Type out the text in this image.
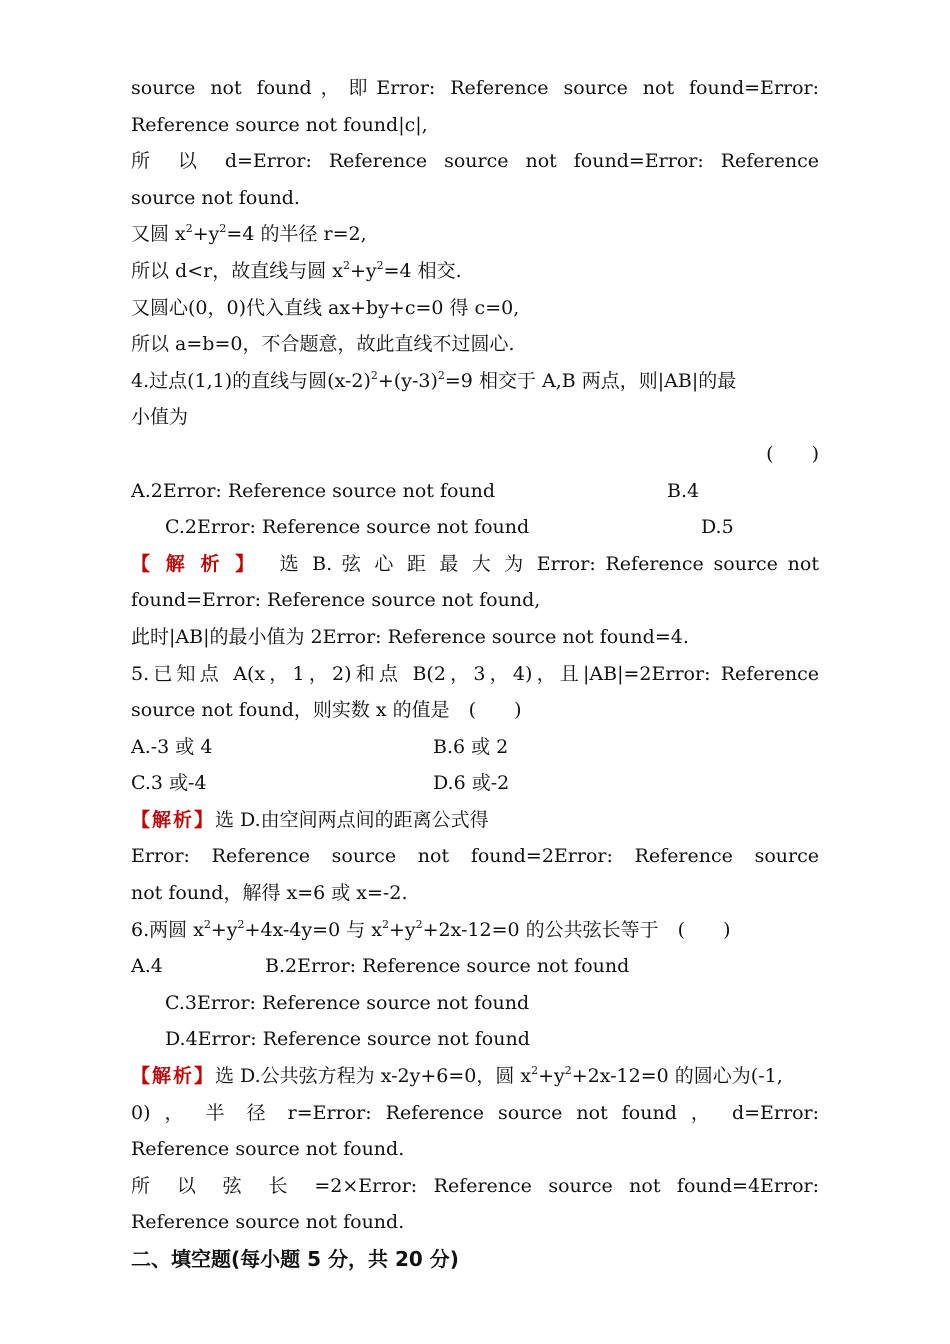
source not found，即Error: Reference source not found=Error:
Reference source not found|c|,
所 以 d=Error: Reference source not found=Error: Reference
source not found.
又圆 $x^2+y^2=4$ 的半径 r=2,
所以 d<r，故直线与圆 $x^2+y^2=4$ 相交.
又圆心(0，0)代入直线 ax+by+c=0 得 c=0,
所以 a=b=0，不合题意，故此直线不过圆心.
4.过点(1,1)的直线与圆$(x-2)^2+(y-3)^2=9$ 相交于 A,B 两点，则|AB|的最
小值为
(　　)
A.2Error: Reference source not found	B.4
C.2Error: Reference source not found	D.5
【解析】 选 B. 弦 心 距 最 大 为 Error: Reference source not
found=Error: Reference source not found,
此时|AB|的最小值为 2Error: Reference source not found=4.
5.已知点 A(x，1，2)和点 B(2，3，4)，且|AB|=2Error: Reference
source not found，则实数 x 的值是　(　　)
A.-3 或 4	B.6 或 2
C.3 或-4	D.6 或-2
【解析】选 D.由空间两点间的距离公式得
Error: Reference source not found=2Error: Reference source
not found，解得 x=6 或 x=-2.
6.两圆 $x^2+y^2+4x-4y=0$ 与 $x^2+y^2+2x-12=0$ 的公共弦长等于　(　　)
A.4	B.2Error: Reference source not found
C.3Error: Reference source not found
D.4Error: Reference source not found
【解析】选 D.公共弦方程为 x-2y+6=0，圆 $x^2+y^2+2x-12=0$ 的圆心为(-1,
0) ， 半 径 r=Error: Reference source not found ， d=Error:
Reference source not found.
所 以 弦 长 =2×Error: Reference source not found=4Error:
Reference source not found.
二、填空题(每小题 5 分，共 20 分)
